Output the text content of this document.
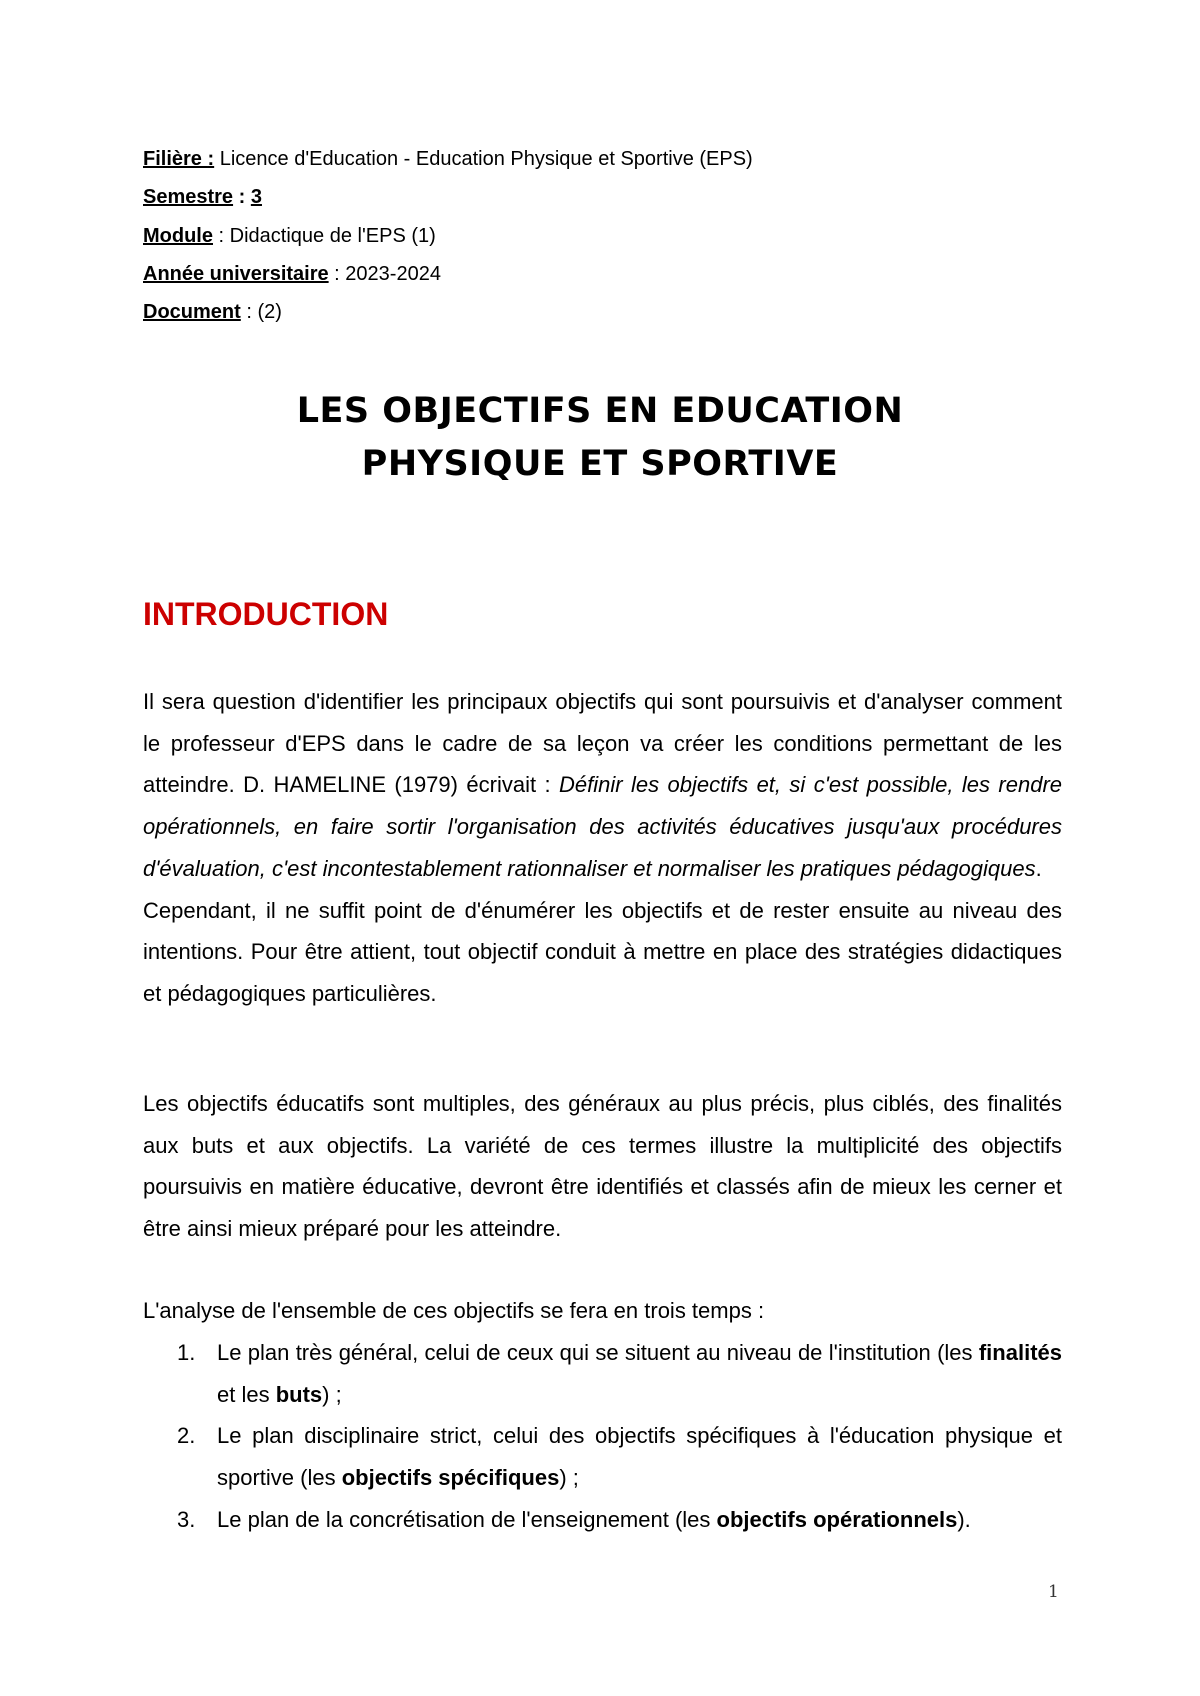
Filière : Licence d'Education - Education Physique et Sportive (EPS)
Semestre : 3
Module : Didactique de l'EPS (1)
Année universitaire : 2023-2024
Document : (2)
LES OBJECTIFS EN EDUCATION
PHYSIQUE ET SPORTIVE
INTRODUCTION

Il sera question d'identifier les principaux objectifs qui sont poursuivis et d'analyser comment le professeur d'EPS dans le cadre de sa leçon va créer les conditions permettant de les atteindre. D. HAMELINE (1979) écrivait : Définir les objectifs et, si c'est possible, les rendre opérationnels, en faire sortir l'organisation des activités éducatives jusqu'aux procédures d'évaluation, c'est incontestablement rationnaliser et normaliser les pratiques pédagogiques.

Cependant, il ne suffit point de d'énumérer les objectifs et de rester ensuite au niveau des intentions. Pour être attient, tout objectif conduit à mettre en place des stratégies didactiques et pédagogiques particulières.

Les objectifs éducatifs sont multiples, des généraux au plus précis, plus ciblés, des finalités aux buts et aux objectifs. La variété de ces termes illustre la multiplicité des objectifs poursuivis en matière éducative, devront être identifiés et classés afin de mieux les cerner et être ainsi mieux préparé pour les atteindre.

L'analyse de l'ensemble de ces objectifs se fera en trois temps :

1. Le plan très général, celui de ceux qui se situent au niveau de l'institution (les finalités et les buts) ;
2. Le plan disciplinaire strict, celui des objectifs spécifiques à l'éducation physique et sportive (les objectifs spécifiques) ;
3. Le plan de la concrétisation de l'enseignement (les objectifs opérationnels).
1
